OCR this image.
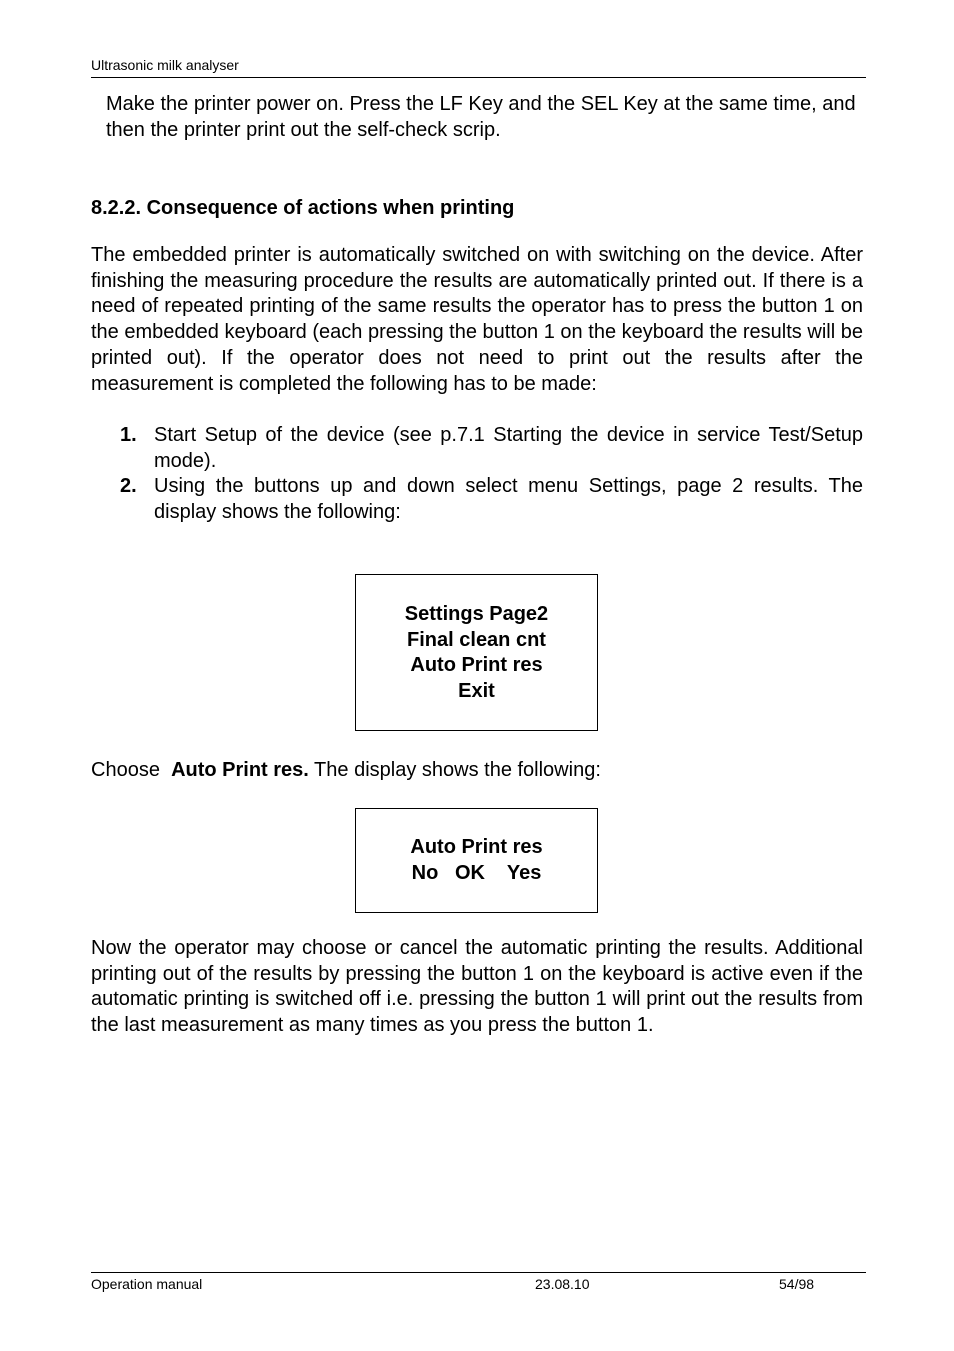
Ultrasonic milk analyser

Make the printer power on. Press the LF Key and the SEL Key at the same time, and then the printer print out the self-check scrip.

8.2.2. Consequence of actions when printing

The embedded printer is automatically switched on with switching on the device. After finishing the measuring procedure the results are automatically printed out. If there is a need of repeated printing of the same results the operator has to press the button 1 on the embedded keyboard (each pressing the button 1 on the keyboard the results will be printed out). If the operator does not need to print out the results after the measurement is completed the following has to be made:

1. Start Setup of the device (see p.7.1 Starting the device in service Test/Setup mode).
2. Using the buttons up and down select menu Settings, page 2 results. The display shows the following:
Settings Page2
Final clean cnt
Auto Print res
Exit

Choose  Auto Print res. The display shows the following:

Auto Print res
No   OK    Yes

Now the operator may choose or cancel the automatic printing the results. Additional printing out of the results by pressing the button 1 on the keyboard is active even if the automatic printing is switched off i.e. pressing the button 1 will print out the results from the last measurement as many times as you press the button 1.

Operation manual	23.08.10	54/98
